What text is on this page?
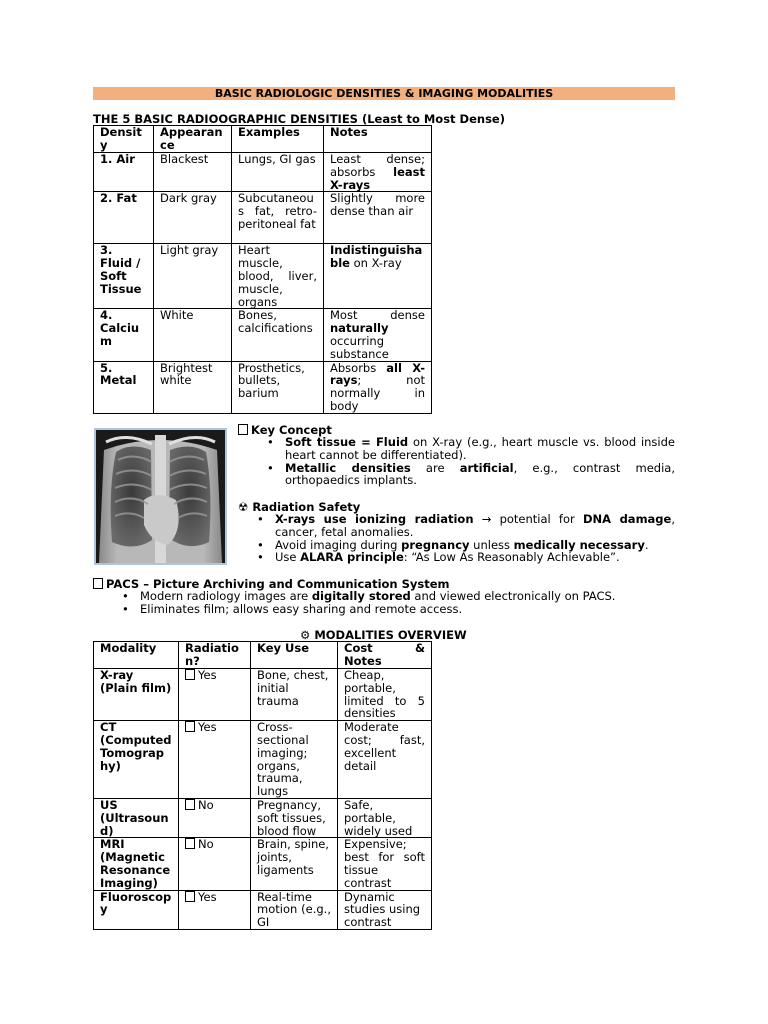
BASIC RADIOLOGIC DENSITIES & IMAGING MODALITIES
THE 5 BASIC RADIOOGRAPHIC DENSITIES (Least to Most Dense)
Density	Appearance	Examples	Notes
1. Air	Blackest	Lungs, GI gas	Least dense; absorbs least X-rays
2. Fat	Dark gray	Subcutaneous fat, retro-peritoneal fat	Slightly more dense than air
3. Fluid / Soft Tissue	Light gray	Heart muscle, blood, liver, muscle, organs	Indistinguishable on X-ray
4. Calcium	White	Bones, calcifications	Most dense naturally occurring substance
5. Metal	Brightest white	Prosthetics, bullets, barium	Absorbs all X-rays; not normally in body
Key Concept
• Soft tissue = Fluid on X-ray (e.g., heart muscle vs. blood inside heart cannot be differentiated).
• Metallic densities are artificial, e.g., contrast media, orthopaedics implants.
☢ Radiation Safety
• X-rays use ionizing radiation → potential for DNA damage, cancer, fetal anomalies.
• Avoid imaging during pregnancy unless medically necessary.
• Use ALARA principle: “As Low As Reasonably Achievable”.
PACS – Picture Archiving and Communication System
• Modern radiology images are digitally stored and viewed electronically on PACS.
• Eliminates film; allows easy sharing and remote access.
⚙ MODALITIES OVERVIEW
Modality	Radiation?	Key Use	Cost & Notes
X-ray (Plain film)	Yes	Bone, chest, initial trauma	Cheap, portable, limited to 5 densities
CT (Computed Tomography)	Yes	Cross-sectional imaging; organs, trauma, lungs	Moderate cost; fast, excellent detail
US (Ultrasound)	No	Pregnancy, soft tissues, blood flow	Safe, portable, widely used
MRI (Magnetic Resonance Imaging)	No	Brain, spine, joints, ligaments	Expensive; best for soft tissue contrast
Fluoroscopy	Yes	Real-time motion (e.g., GI	Dynamic studies using contrast
